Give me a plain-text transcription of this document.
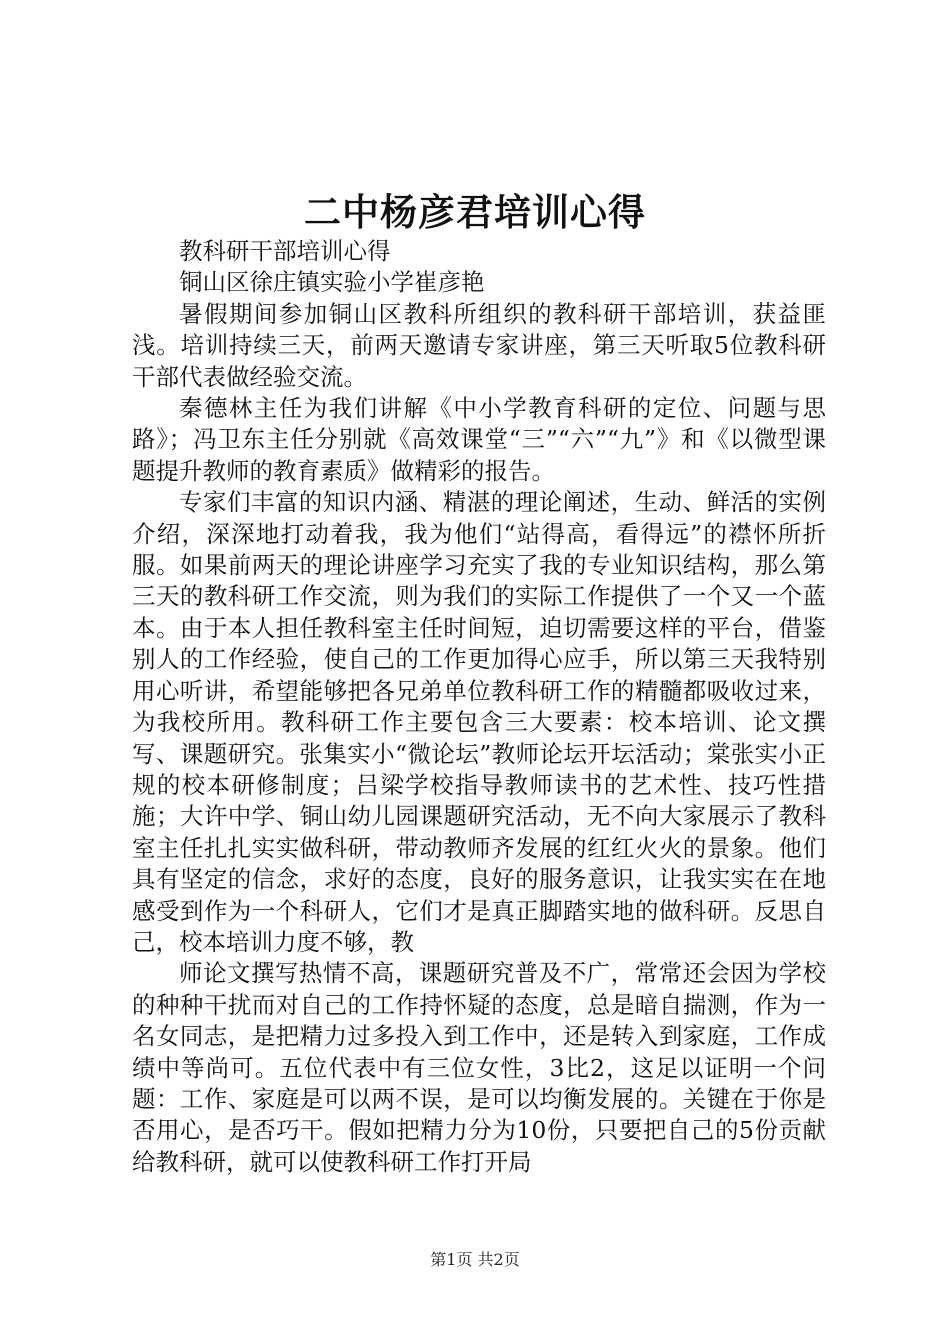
二中杨彦君培训心得

教科研干部培训心得

铜山区徐庄镇实验小学崔彦艳

暑假期间参加铜山区教科所组织的教科研干部培训，获益匪浅。培训持续三天，前两天邀请专家讲座，第三天听取5位教科研干部代表做经验交流。

秦德林主任为我们讲解《中小学教育科研的定位、问题与思路》；冯卫东主任分别就《高效课堂“三”“六”“九”》和《以微型课题提升教师的教育素质》做精彩的报告。

专家们丰富的知识内涵、精湛的理论阐述，生动、鲜活的实例介绍，深深地打动着我，我为他们“站得高，看得远”的襟怀所折服。如果前两天的理论讲座学习充实了我的专业知识结构，那么第三天的教科研工作交流，则为我们的实际工作提供了一个又一个蓝本。由于本人担任教科室主任时间短，迫切需要这样的平台，借鉴别人的工作经验，使自己的工作更加得心应手，所以第三天我特别用心听讲，希望能够把各兄弟单位教科研工作的精髓都吸收过来，为我校所用。教科研工作主要包含三大要素：校本培训、论文撰写、课题研究。张集实小“微论坛”教师论坛开坛活动；棠张实小正规的校本研修制度；吕梁学校指导教师读书的艺术性、技巧性措施；大许中学、铜山幼儿园课题研究活动，无不向大家展示了教科室主任扎扎实实做科研，带动教师齐发展的红红火火的景象。他们具有坚定的信念，求好的态度，良好的服务意识，让我实实在在地感受到作为一个科研人，它们才是真正脚踏实地的做科研。反思自己，校本培训力度不够，教

师论文撰写热情不高，课题研究普及不广，常常还会因为学校的种种干扰而对自己的工作持怀疑的态度，总是暗自揣测，作为一名女同志，是把精力过多投入到工作中，还是转入到家庭，工作成绩中等尚可。五位代表中有三位女性，3比2，这足以证明一个问题：工作、家庭是可以两不误，是可以均衡发展的。关键在于你是否用心，是否巧干。假如把精力分为10份，只要把自己的5份贡献给教科研，就可以使教科研工作打开局

第1页 共2页
